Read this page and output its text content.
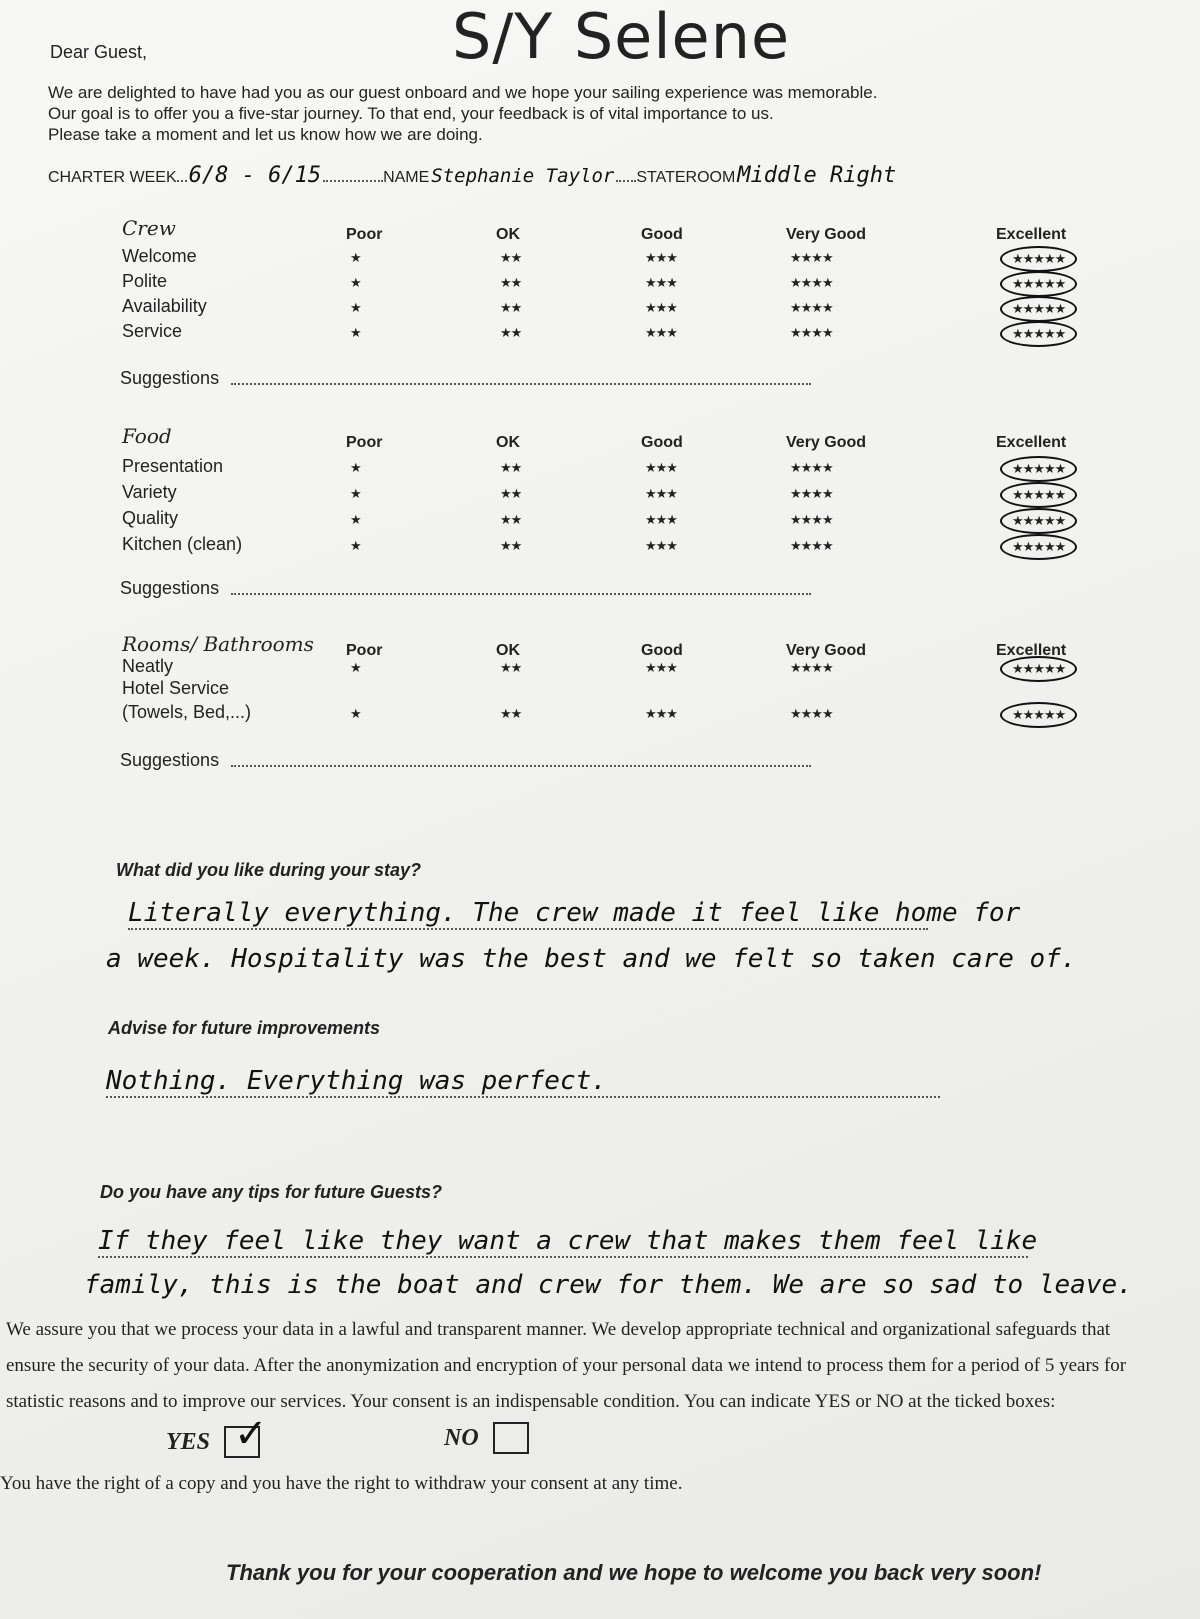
S/Y Selene
Dear Guest,
We are delighted to have had you as our guest onboard and we hope your sailing experience was memorable.
Our goal is to offer you a five-star journey. To that end, your feedback is of vital importance to us.
Please take a moment and let us know how we are doing.
CHARTER WEEK 6/8 - 6/15	NAME Stephanie Taylor STATEROOM Middle Right
Crew	Poor	OK	Good	Very Good	Excellent
Welcome	★	★★	★★★	★★★★	★★★★★
Polite	★	★★	★★★	★★★★	★★★★★
Availability	★	★★	★★★	★★★★	★★★★★
Service	★	★★	★★★	★★★★	★★★★★
Suggestions
Food	Poor	OK	Good	Very Good	Excellent
Presentation	★	★★	★★★	★★★★	★★★★★
Variety	★	★★	★★★	★★★★	★★★★★
Quality	★	★★	★★★	★★★★	★★★★★
Kitchen (clean)	★	★★	★★★	★★★★	★★★★★
Suggestions
Rooms/ Bathrooms Poor	OK	Good	Very Good	Excellent
Neatly	★	★★	★★★	★★★★	★★★★★
Hotel Service
(Towels, Bed,...)	★	★★	★★★	★★★★	★★★★★
Suggestions
What did you like during your stay?
Literally everything. The crew made it feel like home for
a week. Hospitality was the best and we felt so taken care of.
Advise for future improvements
Nothing. Everything was perfect.
Do you have any tips for future Guests?
If they feel like they want a crew that makes them feel like
family, this is the boat and crew for them. We are so sad to leave.
We assure you that we process your data in a lawful and transparent manner. We develop appropriate technical and organizational safeguards that
ensure the security of your data. After the anonymization and encryption of your personal data we intend to process them for a period of 5 years for
statistic reasons and to improve our services. Your consent is an indispensable condition. You can indicate YES or NO at the ticked boxes:
YES ✓	NO
You have the right of a copy and you have the right to withdraw your consent at any time.
Thank you for your cooperation and we hope to welcome you back very soon!
